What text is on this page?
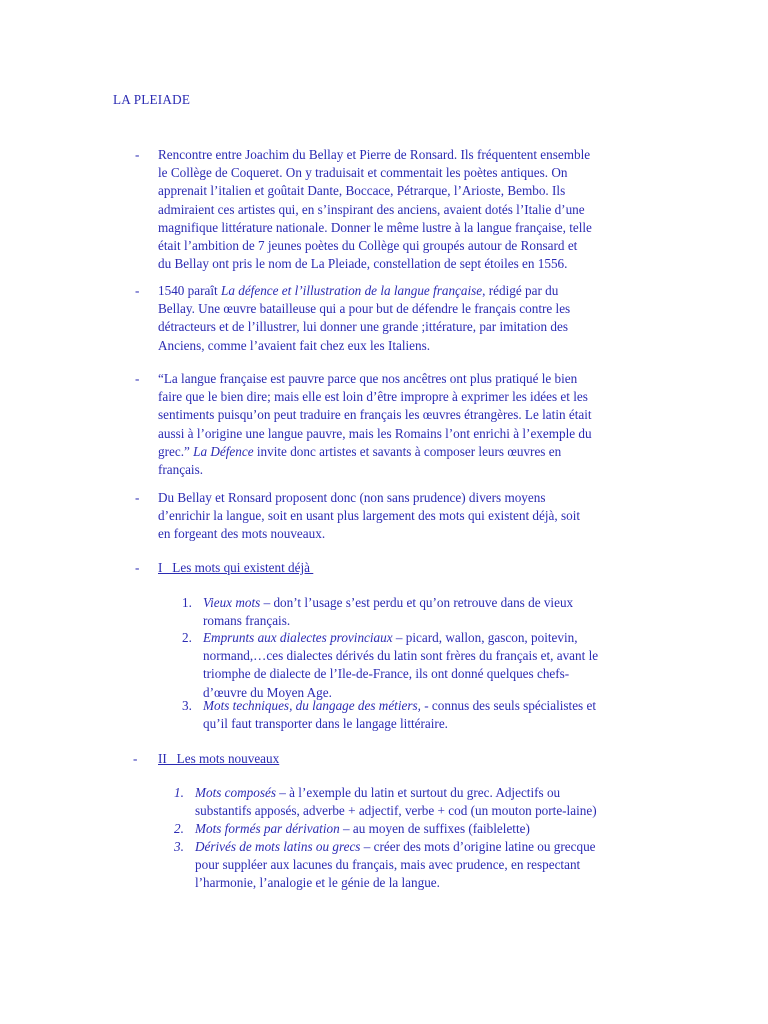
LA PLEIADE
-	Rencontre entre Joachim du Bellay et Pierre de Ronsard. Ils fréquentent ensemble
le Collège de Coqueret. On y traduisait et commentait les poètes antiques. On
apprenait l’italien et goûtait Dante, Boccace, Pétrarque, l’Arioste, Bembo. Ils
admiraient ces artistes qui, en s’inspirant des anciens, avaient dotés l’Italie d’une
magnifique littérature nationale. Donner le même lustre à la langue française, telle
était l’ambition de 7 jeunes poètes du Collège qui groupés autour de Ronsard et
du Bellay ont pris le nom de La Pleiade, constellation de sept étoiles en 1556.
-	1540 paraît La défence et l’illustration de la langue française, rédigé par du
Bellay. Une œuvre batailleuse qui a pour but de défendre le français contre les
détracteurs et de l’illustrer, lui donner une grande ;ittérature, par imitation des
Anciens, comme l’avaient fait chez eux les Italiens.
-	“La langue française est pauvre parce que nos ancêtres ont plus pratiqué le bien
faire que le bien dire; mais elle est loin d’être impropre à exprimer les idées et les
sentiments puisqu’on peut traduire en français les œuvres étrangères. Le latin était
aussi à l’origine une langue pauvre, mais les Romains l’ont enrichi à l’exemple du
grec.” La Défence invite donc artistes et savants à composer leurs œuvres en
français.
-	Du Bellay et Ronsard proposent donc (non sans prudence) divers moyens
d’enrichir la langue, soit en usant plus largement des mots qui existent déjà, soit
en forgeant des mots nouveaux.
-	I   Les mots qui existent déjà
1. Vieux mots – don’t l’usage s’est perdu et qu’on retrouve dans de vieux
romans français.
2. Emprunts aux dialectes provinciaux – picard, wallon, gascon, poitevin,
normand,…ces dialectes dérivés du latin sont frères du français et, avant le
triomphe de dialecte de l’Ile-de-France, ils ont donné quelques chefs-
d’œuvre du Moyen Age.
3. Mots techniques, du langage des métiers, - connus des seuls spécialistes et
qu’il faut transporter dans le langage littéraire.
-	II   Les mots nouveaux
1. Mots composés – à l’exemple du latin et surtout du grec. Adjectifs ou
substantifs apposés, adverbe + adjectif, verbe + cod (un mouton porte-laine)
2. Mots formés par dérivation – au moyen de suffixes (faiblelette)
3. Dérivés de mots latins ou grecs – créer des mots d’origine latine ou grecque
pour suppléer aux lacunes du français, mais avec prudence, en respectant
l’harmonie, l’analogie et le génie de la langue.
